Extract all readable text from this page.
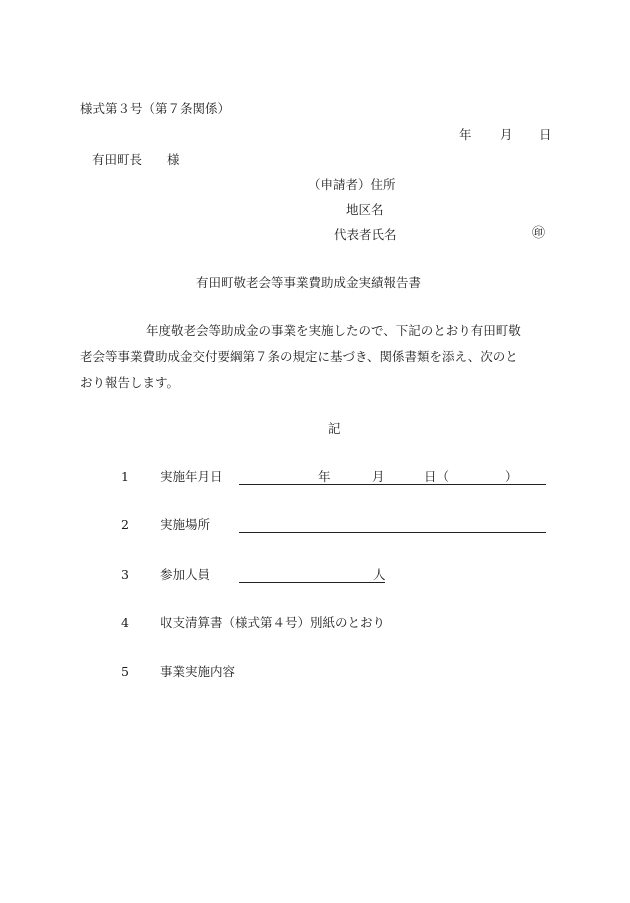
様式第３号（第７条関係）
年 月 日
有田町長　　様
（申請者）住所
地区名
代表者氏名	㊞
有田町敬老会等事業費助成金実績報告書
年度敬老会等助成金の事業を実施したので、下記のとおり有田町敬
老会等事業費助成金交付要綱第７条の規定に基づき、関係書類を添え、次のと
おり報告します。
記
1 実施年月日	年	月	日（	）
2 実施場所
3 参加人員	人
4 収支清算書（様式第４号）別紙のとおり
5 事業実施内容
